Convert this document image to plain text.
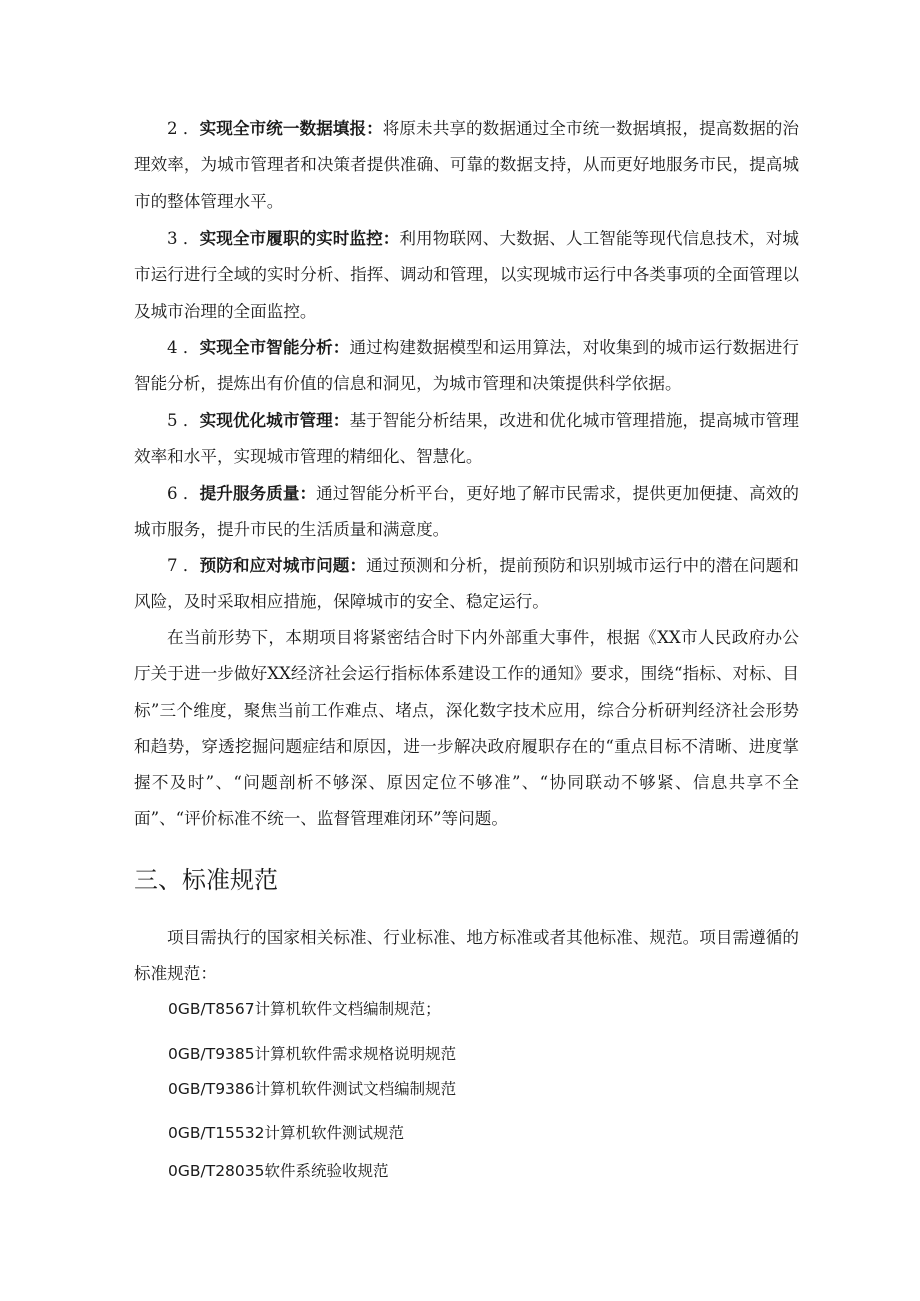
2 ．实现全市统一数据填报：将原未共享的数据通过全市统一数据填报，提高数据的治理效率，为城市管理者和决策者提供准确、可靠的数据支持，从而更好地服务市民，提高城市的整体管理水平。

3 ．实现全市履职的实时监控：利用物联网、大数据、人工智能等现代信息技术，对城市运行进行全域的实时分析、指挥、调动和管理，以实现城市运行中各类事项的全面管理以及城市治理的全面监控。

4 ．实现全市智能分析：通过构建数据模型和运用算法，对收集到的城市运行数据进行智能分析，提炼出有价值的信息和洞见，为城市管理和决策提供科学依据。

5 ．实现优化城市管理：基于智能分析结果，改进和优化城市管理措施，提高城市管理效率和水平，实现城市管理的精细化、智慧化。

6 ．提升服务质量：通过智能分析平台，更好地了解市民需求，提供更加便捷、高效的城市服务，提升市民的生活质量和满意度。

7 ．预防和应对城市问题：通过预测和分析，提前预防和识别城市运行中的潜在问题和风险，及时采取相应措施，保障城市的安全、稳定运行。

在当前形势下，本期项目将紧密结合时下内外部重大事件，根据《XX市人民政府办公厅关于进一步做好XX经济社会运行指标体系建设工作的通知》要求，围绕“指标、对标、目标”三个维度，聚焦当前工作难点、堵点，深化数字技术应用，综合分析研判经济社会形势和趋势，穿透挖掘问题症结和原因，进一步解决政府履职存在的“重点目标不清晰、进度掌握不及时”、“问题剖析不够深、原因定位不够准”、“协同联动不够紧、信息共享不全面”、“评价标准不统一、监督管理难闭环”等问题。

三、标准规范

项目需执行的国家相关标准、行业标准、地方标准或者其他标准、规范。项目需遵循的标准规范：

0GB/T8567计算机软件文档编制规范；

0GB/T9385计算机软件需求规格说明规范

0GB/T9386计算机软件测试文档编制规范

0GB/T15532计算机软件测试规范

0GB/T28035软件系统验收规范
